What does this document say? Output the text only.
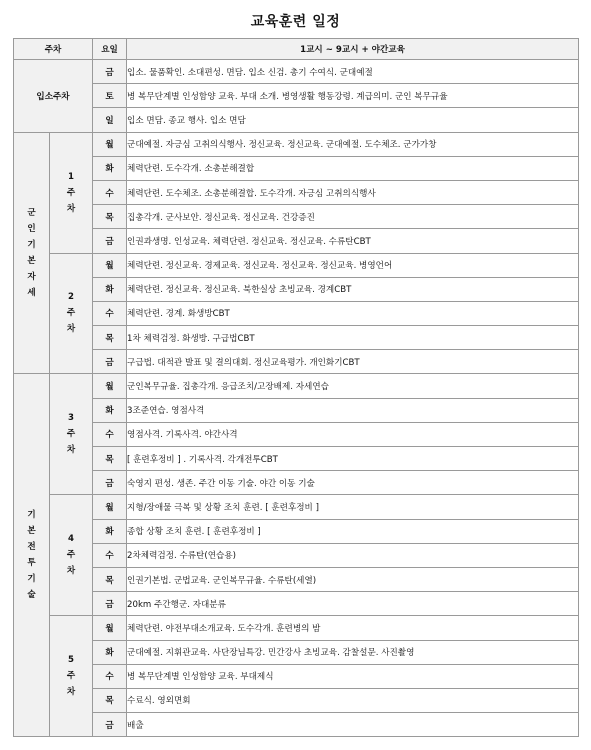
교육훈련 일정
주차		요일	1교시 ~ 9교시 + 야간교육
입소주차		금	입소. 물품확인. 소대편성. 면담. 입소 신검. 총기 수여식. 군대예절
		토	병 복무단계별 인성함양 교육. 부대 소개. 병영생활 행동강령. 계급의미. 군인 복무규율
		일	입소 면담. 종교 행사. 입소 면담
군인기본자세	1주차	월	군대예절. 자긍심 고취의식행사. 정신교육. 정신교육. 군대예절. 도수체조. 군가가창
		화	체력단련. 도수각개. 소총분해결합
		수	체력단련. 도수체조. 소총분해결합. 도수각개. 자긍심 고취의식행사
		목	집총각개. 군사보안. 정신교육. 정신교육. 건강증진
		금	인권과생명. 인성교육. 체력단련. 정신교육. 정신교육. 수류탄CBT
	2주차	월	체력단련. 정신교육. 경제교육. 정신교육. 정신교육. 정신교육. 병영언어
		화	체력단련. 정신교육. 정신교육. 북한실상 초빙교육. 경계CBT
		수	체력단련. 경계. 화생방CBT
		목	1차 체력검정. 화생방. 구급법CBT
		금	구급법. 대적관 발표 및 결의대회. 정신교육평가. 개인화기CBT
기본전투기술	3주차	월	군인복무규율. 집총각개. 응급조치/고장배제. 자세연습
		화	3조준연습. 영점사격
		수	영점사격. 기록사격. 야간사격
		목	[ 훈련후정비 ] . 기록사격. 각개전투CBT
		금	숙영지 편성. 생존. 주간 이동 기술. 야간 이동 기술
	4주차	월	지형/장애물 극복 및 상황 조치 훈련. [ 훈련후정비 ]
		화	종합 상황 조치 훈련. [ 훈련후정비 ]
		수	2차체력검정. 수류탄(연습용)
		목	인권기본법. 군법교육. 군인복무규율. 수류탄(세열)
		금	20km 주간행군. 자대분류
	5주차	월	체력단련. 야전부대소개교육. 도수각개. 훈련병의 밤
		화	군대예절. 지휘관교육. 사단장님특강. 민간강사 초빙교육. 감찰설문. 사진촬영
		수	병 복무단계별 인성함양 교육. 부대제식
		목	수료식. 영외면회
		금	배출
